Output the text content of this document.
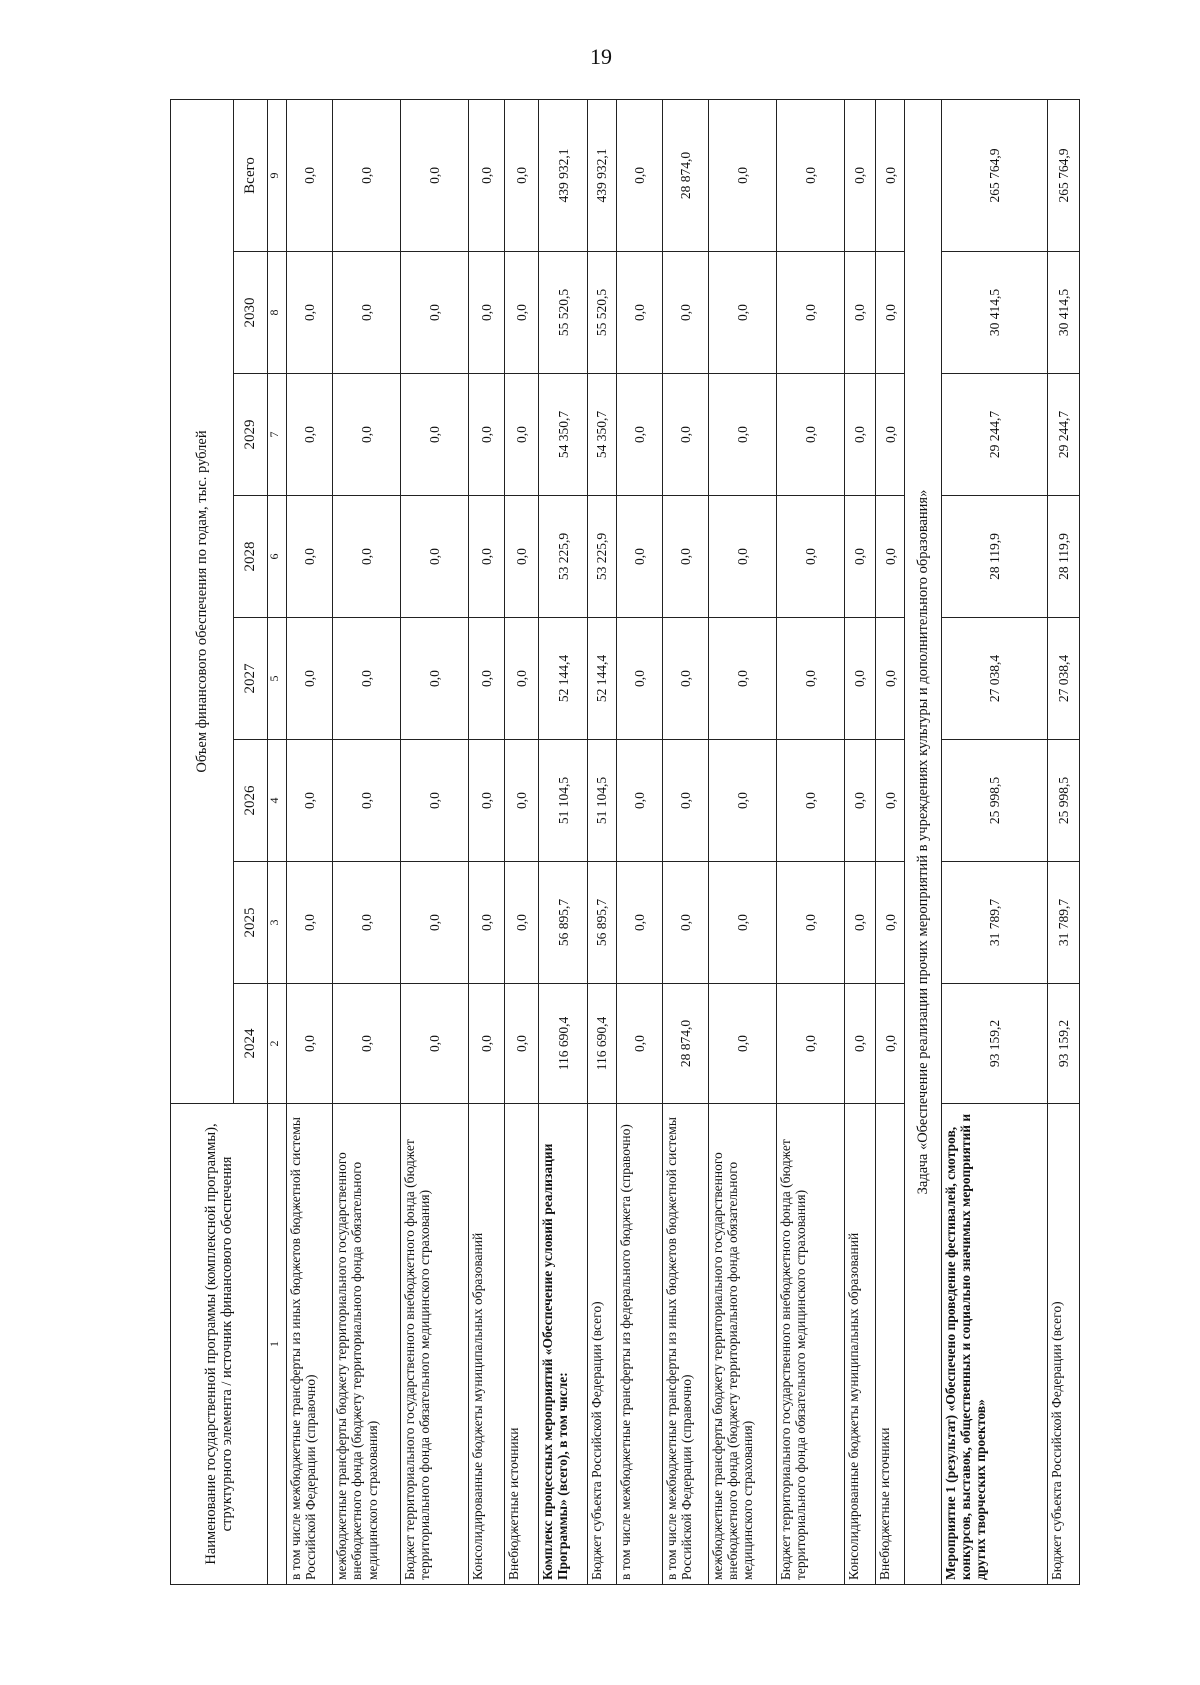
19
Наименование государственной программы (комплексной программы), структурного элемента / источник финансового обеспечения	Объем финансового обеспечения по годам, тыс. рублей							
	2024	2025	2026	2027	2028	2029	2030	Всего
1	2	3	4	5	6	7	8	9
в том числе межбюджетные трансферты из иных бюджетов бюджетной системы Российской Федерации (справочно)	0,0	0,0	0,0	0,0	0,0	0,0	0,0	0,0
межбюджетные трансферты бюджету территориального государственного внебюджетного фонда (бюджету территориального фонда обязательного медицинского страхования)	0,0	0,0	0,0	0,0	0,0	0,0	0,0	0,0
Бюджет территориального государственного внебюджетного фонда (бюджет территориального фонда обязательного медицинского страхования)	0,0	0,0	0,0	0,0	0,0	0,0	0,0	0,0
Консолидированные бюджеты муниципальных образований	0,0	0,0	0,0	0,0	0,0	0,0	0,0	0,0
Внебюджетные источники	0,0	0,0	0,0	0,0	0,0	0,0	0,0	0,0
Комплекс процессных мероприятий «Обеспечение условий реализации Программы» (всего), в том числе:	116 690,4	56 895,7	51 104,5	52 144,4	53 225,9	54 350,7	55 520,5	439 932,1
Бюджет субъекта Российской Федерации (всего)	116 690,4	56 895,7	51 104,5	52 144,4	53 225,9	54 350,7	55 520,5	439 932,1
в том числе межбюджетные трансферты из федерального бюджета (справочно)	0,0	0,0	0,0	0,0	0,0	0,0	0,0	0,0
в том числе межбюджетные трансферты из иных бюджетов бюджетной системы Российской Федерации (справочно)	28 874,0	0,0	0,0	0,0	0,0	0,0	0,0	28 874,0
межбюджетные трансферты бюджету территориального государственного внебюджетного фонда (бюджету территориального фонда обязательного медицинского страхования)	0,0	0,0	0,0	0,0	0,0	0,0	0,0	0,0
Бюджет территориального государственного внебюджетного фонда (бюджет территориального фонда обязательного медицинского страхования)	0,0	0,0	0,0	0,0	0,0	0,0	0,0	0,0
Консолидированные бюджеты муниципальных образований	0,0	0,0	0,0	0,0	0,0	0,0	0,0	0,0
Внебюджетные источники	0,0	0,0	0,0	0,0	0,0	0,0	0,0	0,0
Задача «Обеспечение реализации прочих мероприятий в учреждениях культуры и дополнительного образования»								
Мероприятие 1 (результат) «Обеспечено проведение фестивалей, смотров, конкурсов, выставок, общественных и социально значимых мероприятий и других творческих проектов»	93 159,2	31 789,7	25 998,5	27 038,4	28 119,9	29 244,7	30 414,5	265 764,9
Бюджет субъекта Российской Федерации (всего)	93 159,2	31 789,7	25 998,5	27 038,4	28 119,9	29 244,7	30 414,5	265 764,9
